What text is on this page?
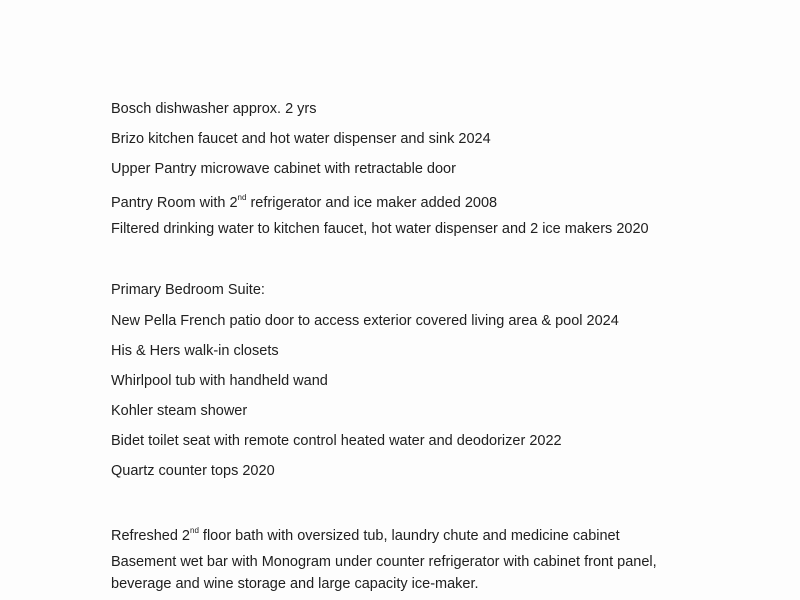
Bosch dishwasher approx. 2 yrs
Brizo kitchen faucet and hot water dispenser and sink 2024
Upper Pantry microwave cabinet with retractable door
Pantry Room with 2nd refrigerator and ice maker added 2008
Filtered drinking water to kitchen faucet, hot water dispenser and 2 ice makers 2020
Primary Bedroom Suite:
New Pella French patio door to access exterior covered living area & pool 2024
His & Hers walk-in closets
Whirlpool tub with handheld wand
Kohler steam shower
Bidet toilet seat with remote control heated water and deodorizer 2022
Quartz counter tops 2020
Refreshed 2nd floor bath with oversized tub, laundry chute and medicine cabinet
Basement wet bar with Monogram under counter refrigerator with cabinet front panel,
beverage and wine storage and large capacity ice-maker.
